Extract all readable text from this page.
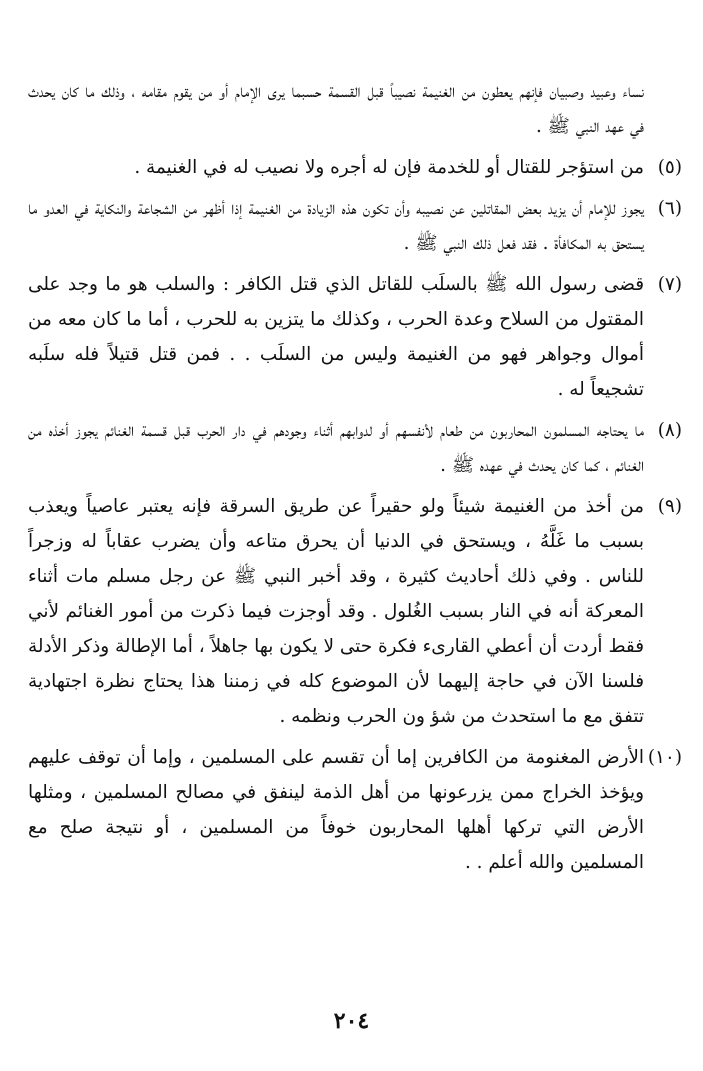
نساء وعبيد وصبيان فإنهم يعطون من الغنيمة نصيباً قبل القسمة حسبما يرى الإمام أو من يقوم مقامه ، وذلك ما كان يحدث في عهد النبي ﷺ .

(٥)
من استؤجر للقتال أو للخدمة فإن له أجره ولا نصيب له في الغنيمة .
(٦)
يجوز للإمام أن يزيد بعض المقاتلين عن نصيبه وأن تكون هذه الزيادة من الغنيمة إذا أظهر من الشجاعة والنكاية في العدو ما يستحق به المكافأة . فقد فعل ذلك النبي ﷺ .
(٧)
قضى رسول الله ﷺ بالسلَب للقاتل الذي قتل الكافر : والسلب هو ما وجد على المقتول من السلاح وعدة الحرب ، وكذلك ما يتزين به للحرب ، أما ما كان معه من أموال وجواهر فهو من الغنيمة وليس من السلَب . . فمن قتل قتيلاً فله سلَبه تشجيعاً له .
(٨)
ما يحتاجه المسلمون المحاربون من طعام لأنفسهم أو لدوابهم أثناء وجودهم في دار الحرب قبل قسمة الغنائم يجوز أخذه من الغنائم ، كما كان يحدث في عهده ﷺ .
(٩)
من أخذ من الغنيمة شيئاً ولو حقيراً عن طريق السرقة فإنه يعتبر عاصياً ويعذب بسبب ما غَلَّهُ ، ويستحق في الدنيا أن يحرق متاعه وأن يضرب عقاباً له وزجراً للناس . وفي ذلك أحاديث كثيرة ، وقد أخبر النبي ﷺ عن رجل مسلم مات أثناء المعركة أنه في النار بسبب الغُلول . وقد أوجزت فيما ذكرت من أمور الغنائم لأني فقط أردت أن أعطي القارىء فكرة حتى لا يكون بها جاهلاً ، أما الإطالة وذكر الأدلة فلسنا الآن في حاجة إليهما لأن الموضوع كله في زمننا هذا يحتاج نظرة اجتهادية تتفق مع ما استحدث من شؤ ون الحرب ونظمه .
(١٠)
الأرض المغنومة من الكافرين إما أن تقسم على المسلمين ، وإما أن توقف عليهم ويؤخذ الخراج ممن يزرعونها من أهل الذمة لينفق في مصالح المسلمين ، ومثلها الأرض التي تركها أهلها المحاربون خوفاً من المسلمين ، أو نتيجة صلح مع المسلمين والله أعلم . .
٢٠٤
